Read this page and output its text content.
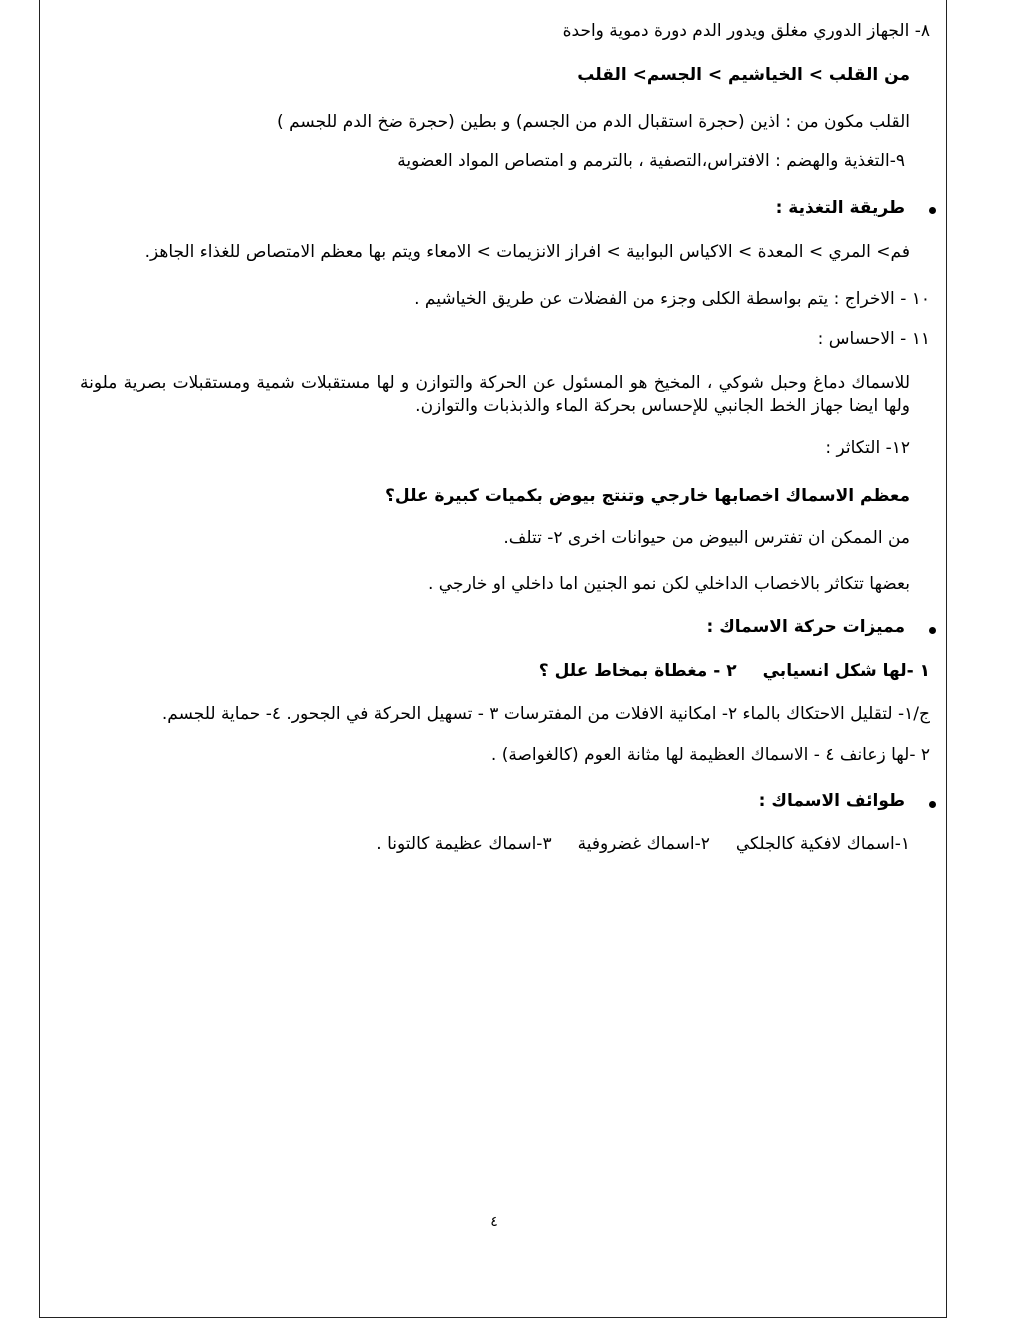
٨- الجهاز الدوري مغلق ويدور الدم دورة دموية واحدة
من القلب > الخياشيم > الجسم> القلب
القلب مكون من : اذين (حجرة استقبال الدم من الجسم) و بطين (حجرة ضخ الدم للجسم )
٩-التغذية والهضم : الافتراس،التصفية ، بالترمم و امتصاص المواد العضوية
طريقة التغذية :
فم> المري > المعدة > الاكياس البوابية > افراز الانزيمات > الامعاء ويتم بها معظم الامتصاص للغذاء الجاهز.
١٠ - الاخراج : يتم بواسطة الكلى وجزء من الفضلات عن طريق الخياشيم .
١١ - الاحساس :
للاسماك دماغ وحبل شوكي ، المخيخ هو المسئول عن الحركة والتوازن و لها مستقبلات شمية ومستقبلات بصرية ملونة ولها ايضا جهاز الخط الجانبي للإحساس بحركة الماء والذبذبات والتوازن.
١٢- التكاثر :
معظم الاسماك اخصابها خارجي وتنتج بيوض بكميات كبيرة علل؟
من الممكن ان تفترس البيوض من حيوانات اخرى ٢- تتلف.
بعضها تتكاثر بالاخصاب الداخلي لكن نمو الجنين اما داخلي او خارجي .
مميزات حركة الاسماك :
١ -لها شكل انسيابي٢ - مغطاة بمخاط علل ؟
ج/١- لتقليل الاحتكاك بالماء ٢- امكانية الافلات من المفترسات ٣ - تسهيل الحركة في الجحور. ٤- حماية للجسم.
٢ -لها زعانف ٤ - الاسماك العظيمة لها مثانة العوم (كالغواصة) .
طوائف الاسماك :
١-اسماك لافكية كالجلكي٢-اسماك غضروفية٣-اسماك عظيمة كالتونا .
٤
